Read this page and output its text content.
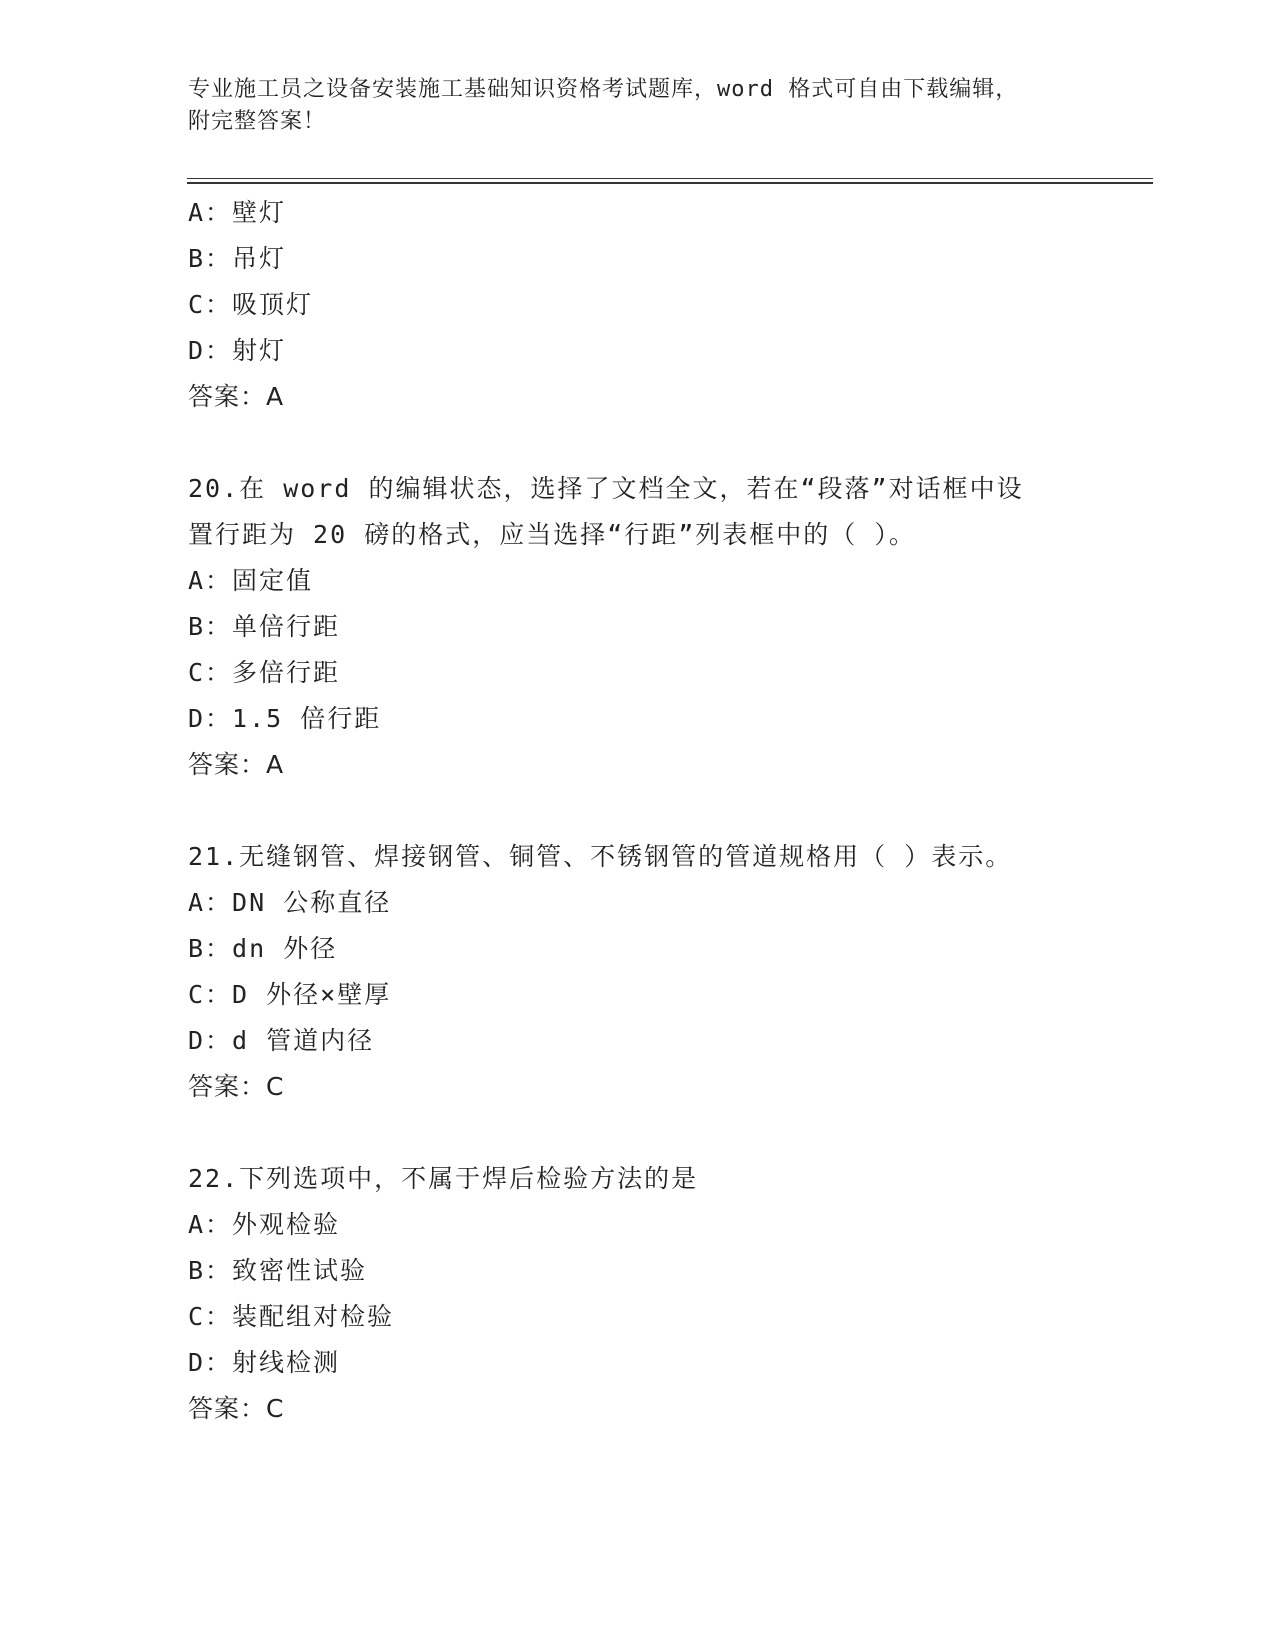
专业施工员之设备安装施工基础知识资格考试题库，word 格式可自由下载编辑，
附完整答案！
A：壁灯
B：吊灯
C：吸顶灯
D：射灯
答案：A
20.在 word 的编辑状态，选择了文档全文，若在“段落”对话框中设
置行距为 20 磅的格式，应当选择“行距”列表框中的（ ）。
A：固定值
B：单倍行距
C：多倍行距
D：1.5 倍行距
答案：A
21.无缝钢管、焊接钢管、铜管、不锈钢管的管道规格用（ ）表示。
A：DN 公称直径
B：dn 外径
C：D 外径×壁厚
D：d 管道内径
答案：C
22.下列选项中，不属于焊后检验方法的是
A：外观检验
B：致密性试验
C：装配组对检验
D：射线检测
答案：C
